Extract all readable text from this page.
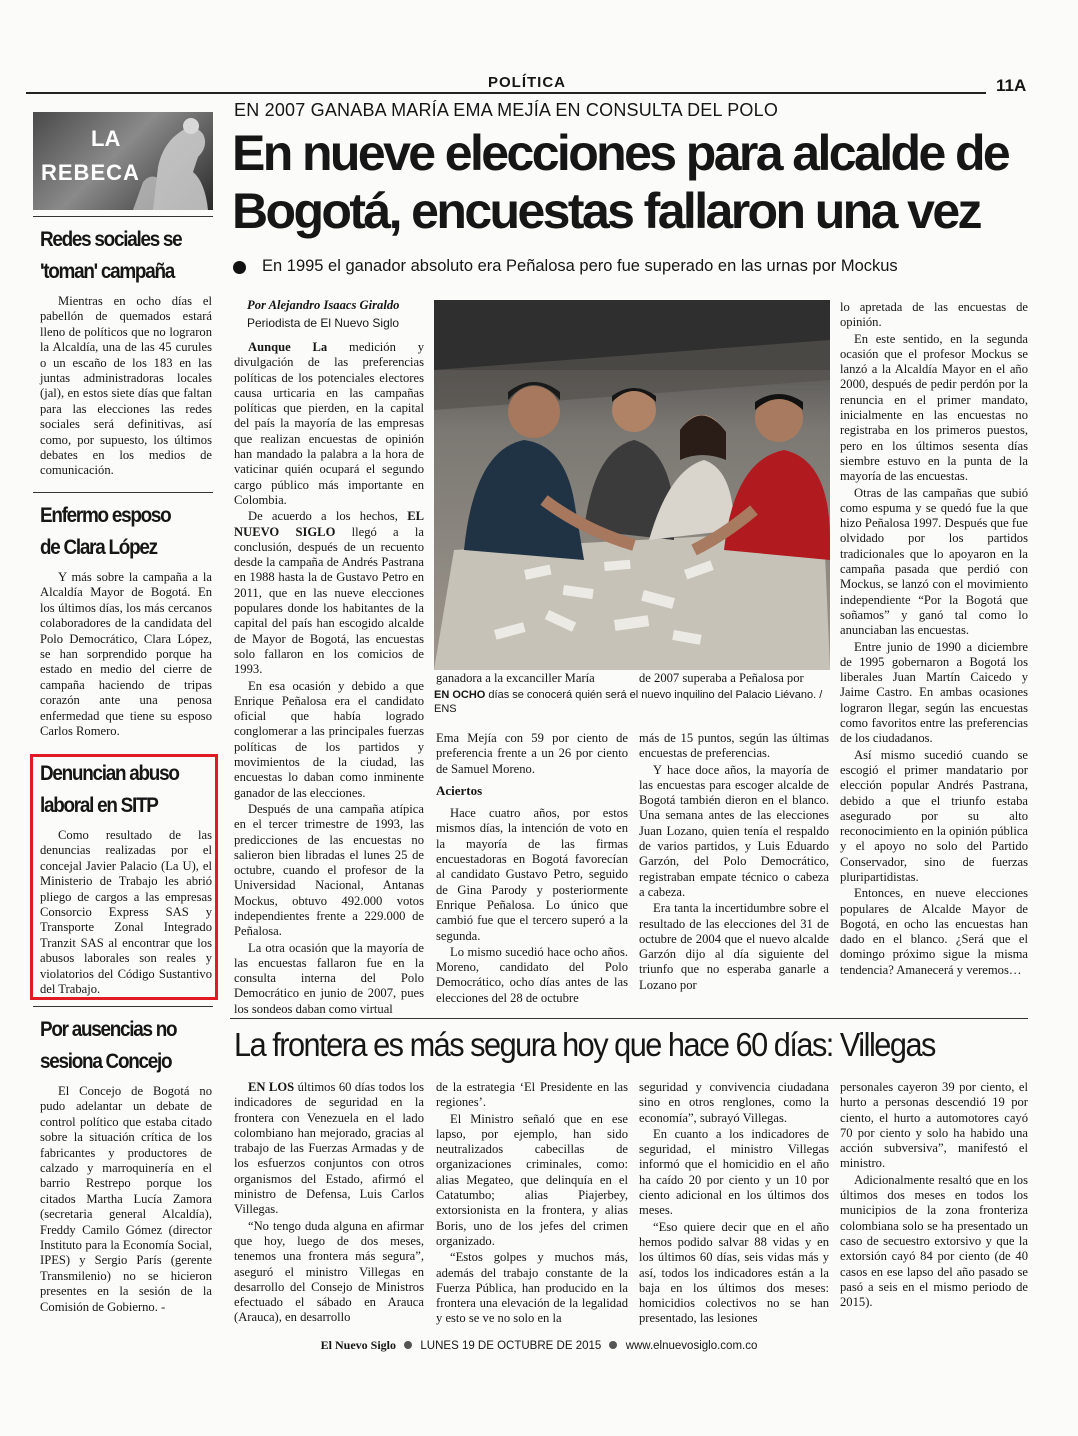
POLÍTICA	11A
LA
REBECA
Redes sociales se
'toman' campaña

Mientras en ocho días el pabellón de quemados estará lleno de políticos que no lograron la Alcaldía, una de las 45 curules o un escaño de los 183 en las juntas administradoras locales (jal), en estos siete días que faltan para las elecciones las redes sociales será definitivas, así como, por supuesto, los últimos debates en los medios de comunicación.

Enfermo esposo
de Clara López

Y más sobre la campaña a la Alcaldía Mayor de Bogotá. En los últimos días, los más cercanos colaboradores de la candidata del Polo Democrático, Clara López, se han sorprendido porque ha estado en medio del cierre de campaña haciendo de tripas corazón ante una penosa enfermedad que tiene su esposo Carlos Romero.

Denuncian abuso
laboral en SITP

Como resultado de las denuncias realizadas por el concejal Javier Palacio (La U), el Ministerio de Trabajo les abrió pliego de cargos a las empresas Consorcio Express SAS y Transporte Zonal Integrado Tranzit SAS al encontrar que los abusos laborales son reales y violatorios del Código Sustantivo del Trabajo.

Por ausencias no
sesiona Concejo

El Concejo de Bogotá no pudo adelantar un debate de control político que estaba citado sobre la situación crítica de los fabricantes y productores de calzado y marroquinería en el barrio Restrepo porque los citados Martha Lucía Zamora (secretaria general Alcaldía), Freddy Camilo Gómez (director Instituto para la Economía Social, IPES) y Sergio París (gerente Transmilenio) no se hicieron presentes en la sesión de la Comisión de Gobierno. -

EN 2007 GANABA MARÍA EMA MEJÍA EN CONSULTA DEL POLO
En nueve elecciones para alcalde de
Bogotá, encuestas fallaron una vez
En 1995 el ganador absoluto era Peñalosa pero fue superado en las urnas por Mockus
Por Alejandro Isaacs Giraldo
Periodista de El Nuevo Siglo

Aunque La medición y divulgación de las preferencias políticas de los potenciales electores causa urticaria en las campañas políticas que pierden, en la capital del país la mayoría de las empresas que realizan encuestas de opinión han mandado la palabra a la hora de vaticinar quién ocupará el segundo cargo público más importante en Colombia.

De acuerdo a los hechos, EL NUEVO SIGLO llegó a la conclusión, después de un recuento desde la campaña de Andrés Pastrana en 1988 hasta la de Gustavo Petro en 2011, que en las nueve elecciones populares donde los habitantes de la capital del país han escogido alcalde de Mayor de Bogotá, las encuestas solo fallaron en los comicios de 1993.

En esa ocasión y debido a que Enrique Peñalosa era el candidato oficial que había logrado conglomerar a las principales fuerzas políticas de los partidos y movimientos de la ciudad, las encuestas lo daban como inminente ganador de las elecciones.

Después de una campaña atípica en el tercer trimestre de 1993, las predicciones de las encuestas no salieron bien libradas el lunes 25 de octubre, cuando el profesor de la Universidad Nacional, Antanas Mockus, obtuvo 492.000 votos independientes frente a 229.000 de Peñalosa.

La otra ocasión que la mayoría de las encuestas fallaron fue en la consulta interna del Polo Democrático en junio de 2007, pues los sondeos daban como virtual

EN OCHO días se conocerá quién será el nuevo inquilino del Palacio Liévano. / ENS

ganadora a la excanciller María

Ema Mejía con 59 por ciento de preferencia frente a un 26 por ciento de Samuel Moreno.

Aciertos

Hace cuatro años, por estos mismos días, la intención de voto en la mayoría de las firmas encuestadoras en Bogotá favorecían al candidato Gustavo Petro, seguido de Gina Parody y posteriormente Enrique Peñalosa. Lo único que cambió fue que el tercero superó a la segunda.

Lo mismo sucedió hace ocho años. Moreno, candidato del Polo Democrático, ocho días antes de las elecciones del 28 de octubre

de 2007 superaba a Peñalosa por

más de 15 puntos, según las últimas encuestas de preferencias.

Y hace doce años, la mayoría de las encuestas para escoger alcalde de Bogotá también dieron en el blanco. Una semana antes de las elecciones Juan Lozano, quien tenía el respaldo de varios partidos, y Luis Eduardo Garzón, del Polo Democrático, registraban empate técnico o cabeza a cabeza.

Era tanta la incertidumbre sobre el resultado de las elecciones del 31 de octubre de 2004 que el nuevo alcalde Garzón dijo al día siguiente del triunfo que no esperaba ganarle a Lozano por

lo apretada de las encuestas de opinión.

En este sentido, en la segunda ocasión que el profesor Mockus se lanzó a la Alcaldía Mayor en el año 2000, después de pedir perdón por la renuncia en el primer mandato, inicialmente en las encuestas no registraba en los primeros puestos, pero en los últimos sesenta días siembre estuvo en la punta de la mayoría de las encuestas.

Otras de las campañas que subió como espuma y se quedó fue la que hizo Peñalosa 1997. Después que fue olvidado por los partidos tradicionales que lo apoyaron en la campaña pasada que perdió con Mockus, se lanzó con el movimiento independiente “Por la Bogotá que soñamos” y ganó tal como lo anunciaban las encuestas.

Entre junio de 1990 a diciembre de 1995 gobernaron a Bogotá los liberales Juan Martín Caicedo y Jaime Castro. En ambas ocasiones lograron llegar, según las encuestas como favoritos entre las preferencias de los ciudadanos.

Así mismo sucedió cuando se escogió el primer mandatario por elección popular Andrés Pastrana, debido a que el triunfo estaba asegurado por su alto reconocimiento en la opinión pública y el apoyo no solo del Partido Conservador, sino de fuerzas pluripartidistas.

Entonces, en nueve elecciones populares de Alcalde Mayor de Bogotá, en ocho las encuestas han dado en el blanco. ¿Será que el domingo próximo sigue la misma tendencia? Amanecerá y veremos…

La frontera es más segura hoy que hace 60 días: Villegas

EN LOS últimos 60 días todos los indicadores de seguridad en la frontera con Venezuela en el lado colombiano han mejorado, gracias al trabajo de las Fuerzas Armadas y de los esfuerzos conjuntos con otros organismos del Estado, afirmó el ministro de Defensa, Luis Carlos Villegas.

“No tengo duda alguna en afirmar que hoy, luego de dos meses, tenemos una frontera más segura”, aseguró el ministro Villegas en desarrollo del Consejo de Ministros efectuado el sábado en Arauca (Arauca), en desarrollo

de la estrategia ‘El Presidente en las regiones’.

El Ministro señaló que en ese lapso, por ejemplo, han sido neutralizados cabecillas de organizaciones criminales, como: alias Megateo, que delinquía en el Catatumbo; alias Piajerbey, extorsionista en la frontera, y alias Boris, uno de los jefes del crimen organizado.

“Estos golpes y muchos más, además del trabajo constante de la Fuerza Pública, han producido en la frontera una elevación de la legalidad y esto se ve no solo en la

seguridad y convivencia ciudadana sino en otros renglones, como la economía”, subrayó Villegas.

En cuanto a los indicadores de seguridad, el ministro Villegas informó que el homicidio en el año ha caído 20 por ciento y un 10 por ciento adicional en los últimos dos meses.

“Eso quiere decir que en el año hemos podido salvar 88 vidas y en los últimos 60 días, seis vidas más y así, todos los indicadores están a la baja en los últimos dos meses: homicidios colectivos no se han presentado, las lesiones

personales cayeron 39 por ciento, el hurto a personas descendió 19 por ciento, el hurto a automotores cayó 70 por ciento y solo ha habido una acción subversiva”, manifestó el ministro.

Adicionalmente resaltó que en los últimos dos meses en todos los municipios de la zona fronteriza colombiana solo se ha presentado un caso de secuestro extorsivo y que la extorsión cayó 84 por ciento (de 40 casos en ese lapso del año pasado se pasó a seis en el mismo periodo de 2015).

El Nuevo Siglo LUNES 19 DE OCTUBRE DE 2015 www.elnuevosiglo.com.co
